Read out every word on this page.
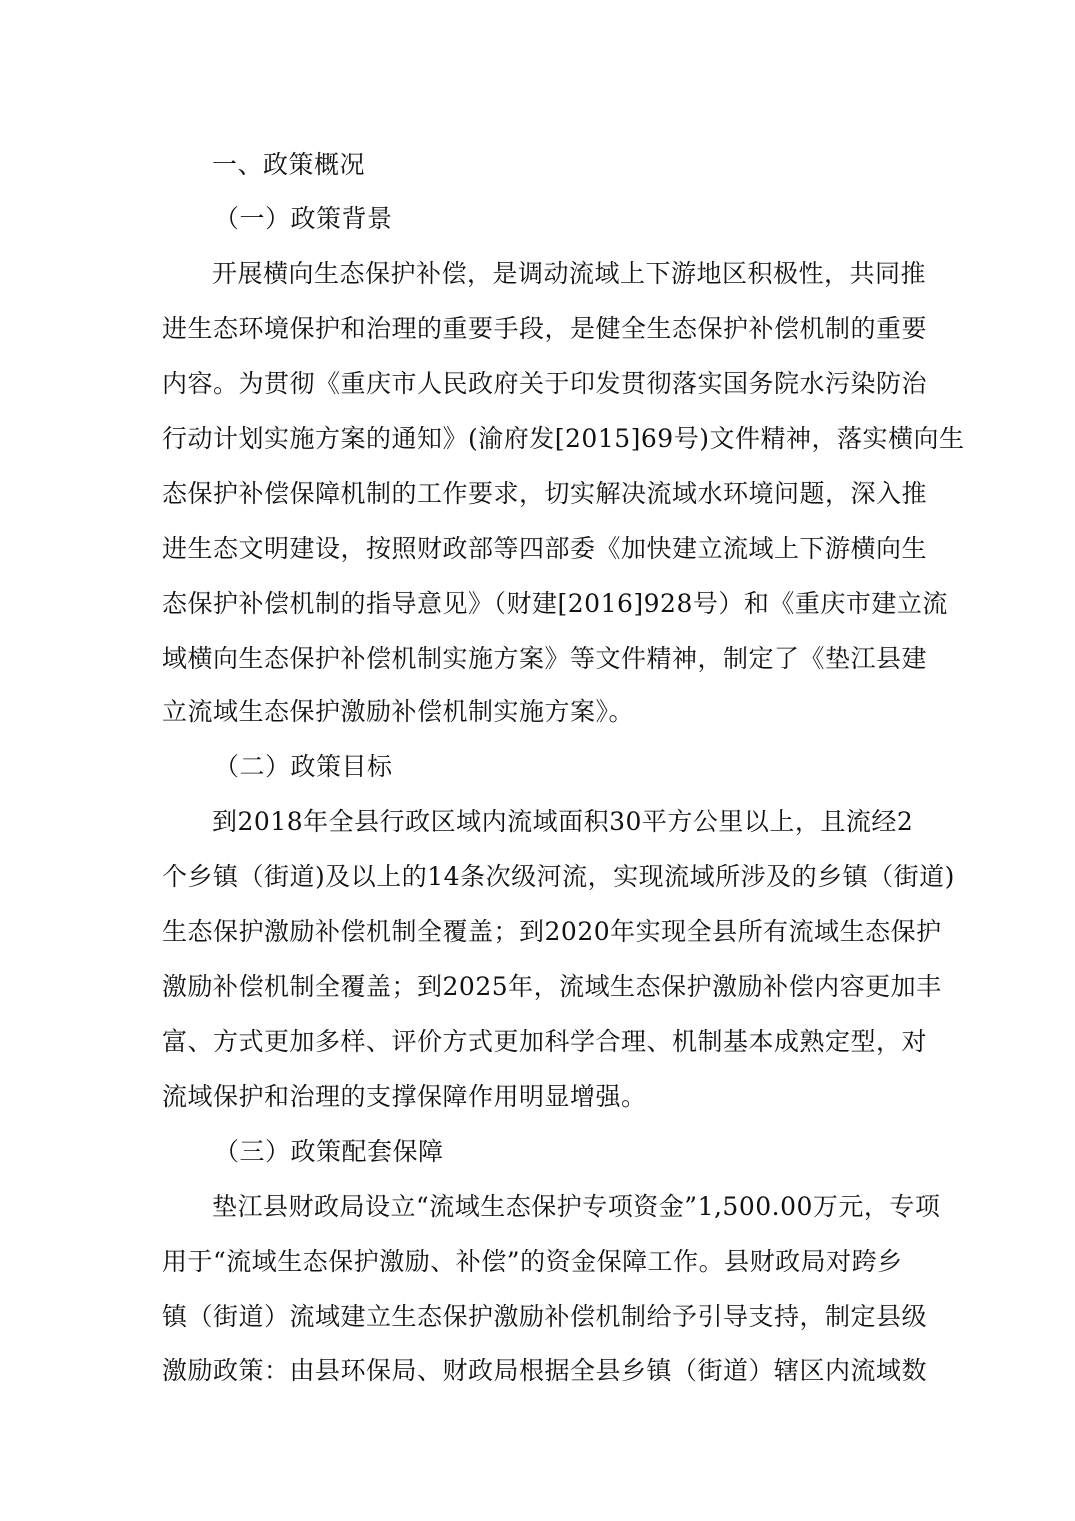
一、政策概况

（一）政策背景

开展横向生态保护补偿，是调动流域上下游地区积极性，共同推

进生态环境保护和治理的重要手段，是健全生态保护补偿机制的重要

内容。为贯彻《重庆市人民政府关于印发贯彻落实国务院水污染防治

行动计划实施方案的通知》(渝府发[2015]69号)文件精神，落实横向生

态保护补偿保障机制的工作要求，切实解决流域水环境问题，深入推

进生态文明建设，按照财政部等四部委《加快建立流域上下游横向生

态保护补偿机制的指导意见》（财建[2016]928号）和《重庆市建立流

域横向生态保护补偿机制实施方案》等文件精神，制定了《垫江县建

立流域生态保护激励补偿机制实施方案》。

（二）政策目标

到2018年全县行政区域内流域面积30平方公里以上，且流经2

个乡镇（街道)及以上的14条次级河流，实现流域所涉及的乡镇（街道)

生态保护激励补偿机制全覆盖；到2020年实现全县所有流域生态保护

激励补偿机制全覆盖；到2025年，流域生态保护激励补偿内容更加丰

富、方式更加多样、评价方式更加科学合理、机制基本成熟定型，对

流域保护和治理的支撑保障作用明显增强。

（三）政策配套保障

垫江县财政局设立“流域生态保护专项资金”1,500.00万元，专项

用于“流域生态保护激励、补偿”的资金保障工作。县财政局对跨乡

镇（街道）流域建立生态保护激励补偿机制给予引导支持，制定县级

激励政策：由县环保局、财政局根据全县乡镇（街道）辖区内流域数
